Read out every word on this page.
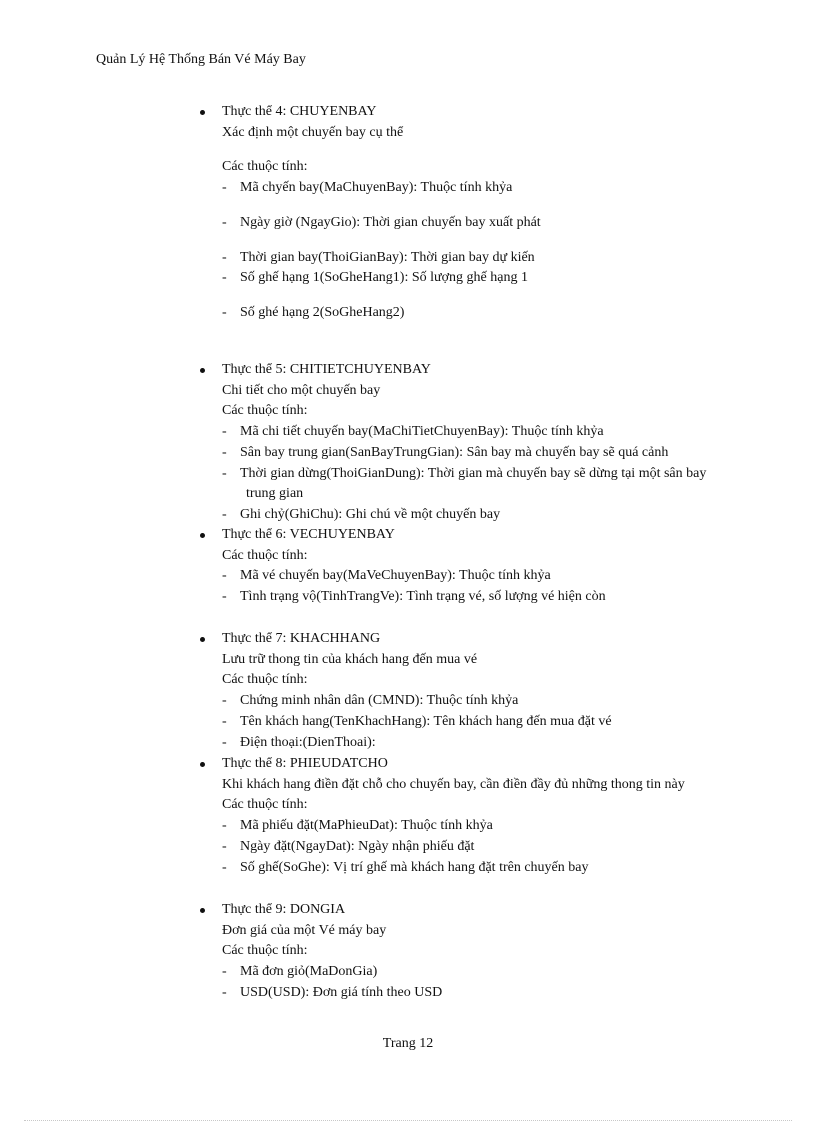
Quản Lý Hệ Thống Bán Vé Máy Bay
Thực thể 4: CHUYENBAY
Xác định một chuyến bay cụ thể
Các thuộc tính:
- Mã chyến bay(MaChuyenBay): Thuộc tính khỷa
- Ngày giờ (NgayGio): Thời gian chuyến bay xuất phát
- Thời gian bay(ThoiGianBay): Thời gian bay dự kiến
- Số ghế hạng 1(SoGheHang1): Số lượng ghế hạng 1
- Số ghé hạng 2(SoGheHang2)
Thực thể 5: CHITIETCHUYENBAY
Chi tiết cho một chuyến bay
Các thuộc tính:
- Mã chi tiết chuyến bay(MaChiTietChuyenBay): Thuộc tính khỷa
- Sân bay trung gian(SanBayTrungGian): Sân bay mà chuyến bay sẽ quá cảnh
- Thời gian dừng(ThoiGianDung): Thời gian mà chuyến bay sẽ dừng tại một sân bay
trung gian
- Ghi chỷ(GhiChu): Ghi chú về một chuyến bay
Thực thể 6: VECHUYENBAY
Các thuộc tính:
- Mã vé chuyến bay(MaVeChuyenBay): Thuộc tính khỷa
- Tình trạng vộ(TinhTrangVe): Tình trạng vé, số lượng vé hiện còn
Thực thể 7: KHACHHANG
Lưu trữ thong tin của khách hang đến mua vé
Các thuộc tính:
- Chứng minh nhân dân (CMND): Thuộc tính khỷa
- Tên khách hang(TenKhachHang): Tên khách hang đến mua đặt vé
- Điện thoại:(DienThoai):
Thực thể 8: PHIEUDATCHO
Khi khách hang điền đặt chỗ cho chuyến bay, cần điền đầy đủ những thong tin này
Các thuộc tính:
- Mã phiếu đặt(MaPhieuDat): Thuộc tính khỷa
- Ngày đặt(NgayDat): Ngày nhận phiếu đặt
- Số ghế(SoGhe): Vị trí ghế mà khách hang đặt trên chuyến bay
Thực thể 9: DONGIA
Đơn giá của một Vé máy bay
Các thuộc tính:
- Mã đơn giỏ(MaDonGia)
- USD(USD): Đơn giá tính theo USD
Trang 12
